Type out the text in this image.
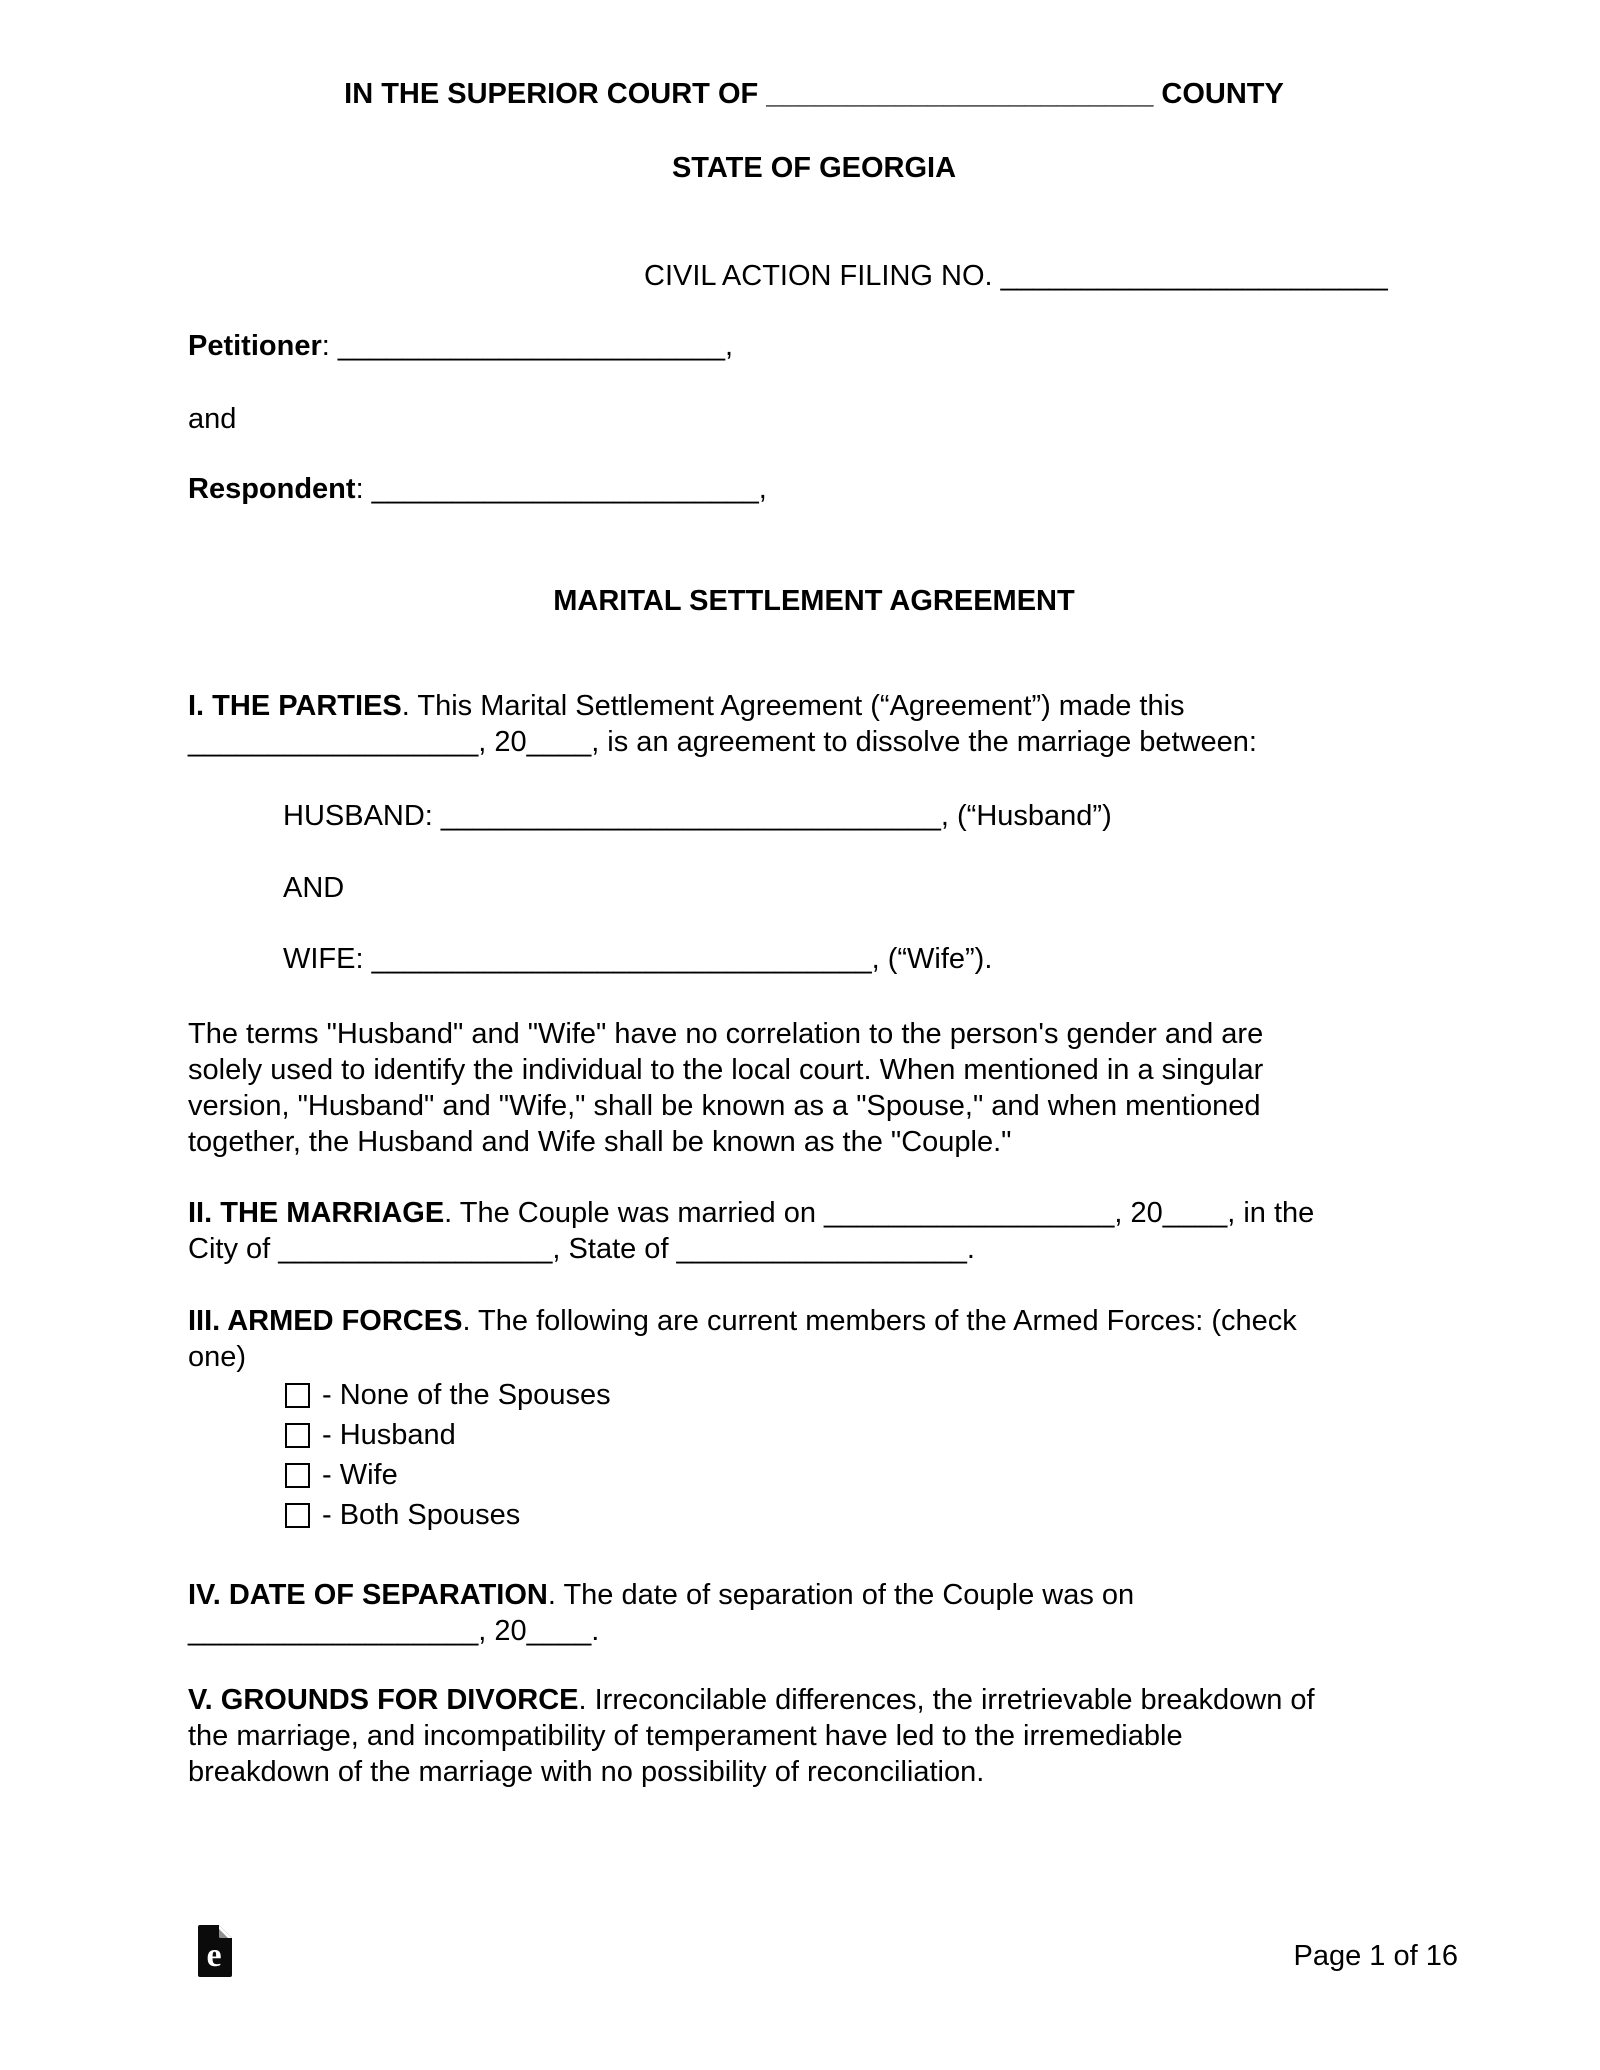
IN THE SUPERIOR COURT OF ________________________ COUNTY
STATE OF GEORGIA
CIVIL ACTION FILING NO. ________________________
Petitioner: ________________________,
and
Respondent: ________________________,
MARITAL SETTLEMENT AGREEMENT
I. THE PARTIES. This Marital Settlement Agreement (“Agreement”) made this
__________________, 20____, is an agreement to dissolve the marriage between:
HUSBAND: _______________________________, (“Husband”)
AND
WIFE: _______________________________, (“Wife”).
The terms "Husband" and "Wife" have no correlation to the person's gender and are
solely used to identify the individual to the local court. When mentioned in a singular
version, "Husband" and "Wife," shall be known as a "Spouse," and when mentioned
together, the Husband and Wife shall be known as the "Couple."
II. THE MARRIAGE. The Couple was married on __________________, 20____, in the
City of _________________, State of __________________.
III. ARMED FORCES. The following are current members of the Armed Forces: (check
one)
- None of the Spouses
- Husband
- Wife
- Both Spouses
IV. DATE OF SEPARATION. The date of separation of the Couple was on
__________________, 20____.
V. GROUNDS FOR DIVORCE. Irreconcilable differences, the irretrievable breakdown of
the marriage, and incompatibility of temperament have led to the irremediable
breakdown of the marriage with no possibility of reconciliation.
e	Page 1 of 16
